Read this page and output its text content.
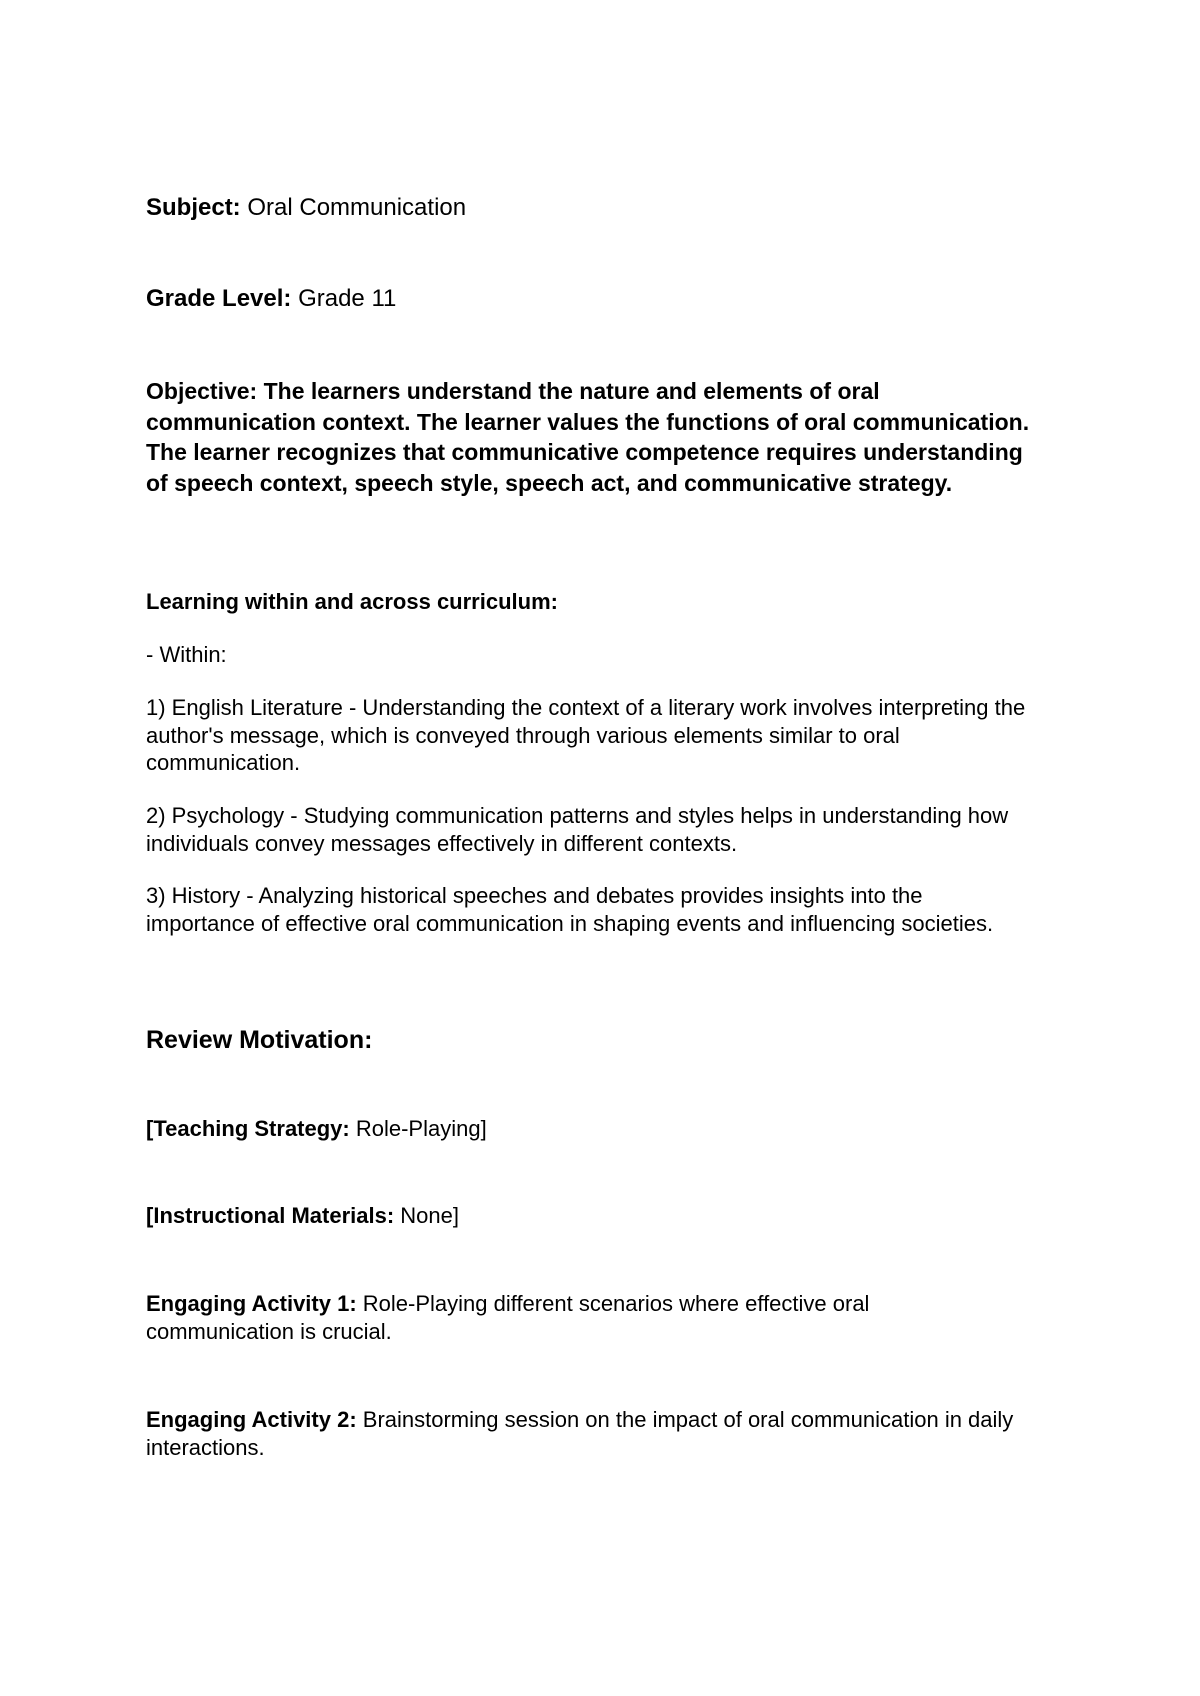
Subject: Oral Communication

Grade Level: Grade 11

Objective: The learners understand the nature and elements of oral communication context. The learner values the functions of oral communication. The learner recognizes that communicative competence requires understanding of speech context, speech style, speech act, and communicative strategy.

Learning within and across curriculum:

- Within:

1) English Literature - Understanding the context of a literary work involves interpreting the author's message, which is conveyed through various elements similar to oral communication.

2) Psychology - Studying communication patterns and styles helps in understanding how individuals convey messages effectively in different contexts.

3) History - Analyzing historical speeches and debates provides insights into the importance of effective oral communication in shaping events and influencing societies.

Review Motivation:

[Teaching Strategy: Role-Playing]

[Instructional Materials: None]

Engaging Activity 1: Role-Playing different scenarios where effective oral communication is crucial.

Engaging Activity 2: Brainstorming session on the impact of oral communication in daily interactions.
